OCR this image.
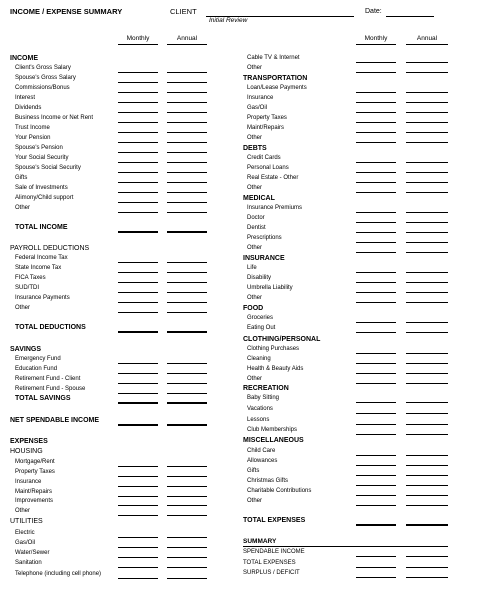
INCOME / EXPENSE SUMMARY	CLIENT
Initial Review
Date:
Monthly	Annual	Monthly	Annual
INCOME
Client's Gross Salary
Spouse's Gross Salary
Commissions/Bonus
Interest
Dividends
Business Income or Net Rent
Trust Income
Your Pension
Spouse's Pension
Your Social Security
Spouse's Social Security
Gifts
Sale of Investments
Alimony/Child support
Other
TOTAL INCOME
PAYROLL DEDUCTIONS
Federal Income Tax
State Income Tax
FICA Taxes
SUD/TDI
Insurance Payments
Other
TOTAL DEDUCTIONS
SAVINGS
Emergency Fund
Education Fund
Retirement Fund - Client
Retirement Fund - Spouse
TOTAL SAVINGS
NET SPENDABLE INCOME
EXPENSES
HOUSING
Mortgage/Rent
Property Taxes
Insurance
Maint/Repairs
Improvements
Other
UTILITIES
Electric
Gas/Oil
Water/Sewer
Sanitation
Telephone (including cell phone)
Cable TV & Internet
Other
TRANSPORTATION
Loan/Lease Payments
Insurance
Gas/Oil
Property Taxes
Maint/Repairs
Other
DEBTS
Credit Cards
Personal Loans
Real Estate - Other
Other
MEDICAL
Insurance Premiums
Doctor
Dentist
Prescriptions
Other
INSURANCE
Life
Disability
Umbrella Liability
Other
FOOD
Groceries
Eating Out
CLOTHING/PERSONAL
Clothing Purchases
Cleaning
Health & Beauty Aids
Other
RECREATION
Baby Sitting
Vacations
Lessons
Club Memberships
MISCELLANEOUS
Child Care
Allowances
Gifts
Christmas Gifts
Charitable Contributions
Other
TOTAL EXPENSES
SUMMARY
SPENDABLE INCOME
TOTAL EXPENSES
SURPLUS / DEFICIT
